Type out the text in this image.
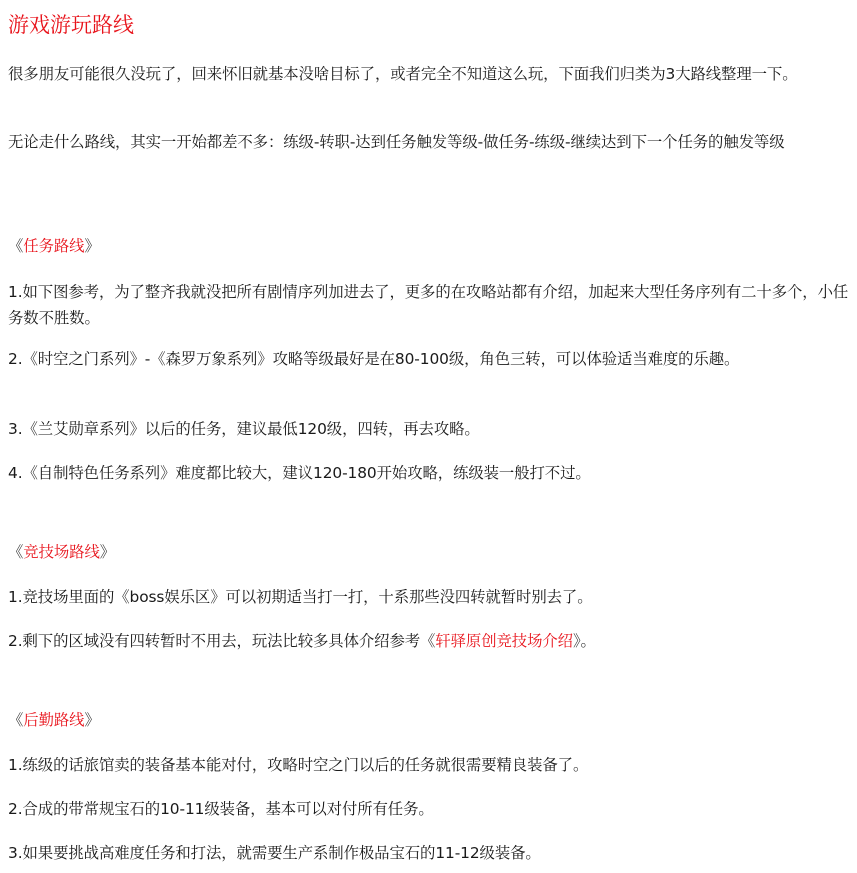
游戏游玩路线

很多朋友可能很久没玩了，回来怀旧就基本没啥目标了，或者完全不知道这么玩，下面我们归类为3大路线整理一下。

无论走什么路线，其实一开始都差不多：练级-转职-达到任务触发等级-做任务-练级-继续达到下一个任务的触发等级

《任务路线》

1.如下图参考，为了整齐我就没把所有剧情序列加进去了，更多的在攻略站都有介绍，加起来大型任务序列有二十多个，小任务数不胜数。

2.《时空之门系列》-《森罗万象系列》攻略等级最好是在80-100级，角色三转，可以体验适当难度的乐趣。

3.《兰艾勋章系列》以后的任务，建议最低120级，四转，再去攻略。

4.《自制特色任务系列》难度都比较大，建议120-180开始攻略，练级装一般打不过。

《竞技场路线》

1.竞技场里面的《boss娱乐区》可以初期适当打一打，十系那些没四转就暂时别去了。

2.剩下的区域没有四转暂时不用去，玩法比较多具体介绍参考《轩驿原创竞技场介绍》。

《后勤路线》

1.练级的话旅馆卖的装备基本能对付，攻略时空之门以后的任务就很需要精良装备了。

2.合成的带常规宝石的10-11级装备，基本可以对付所有任务。

3.如果要挑战高难度任务和打法，就需要生产系制作极品宝石的11-12级装备。
